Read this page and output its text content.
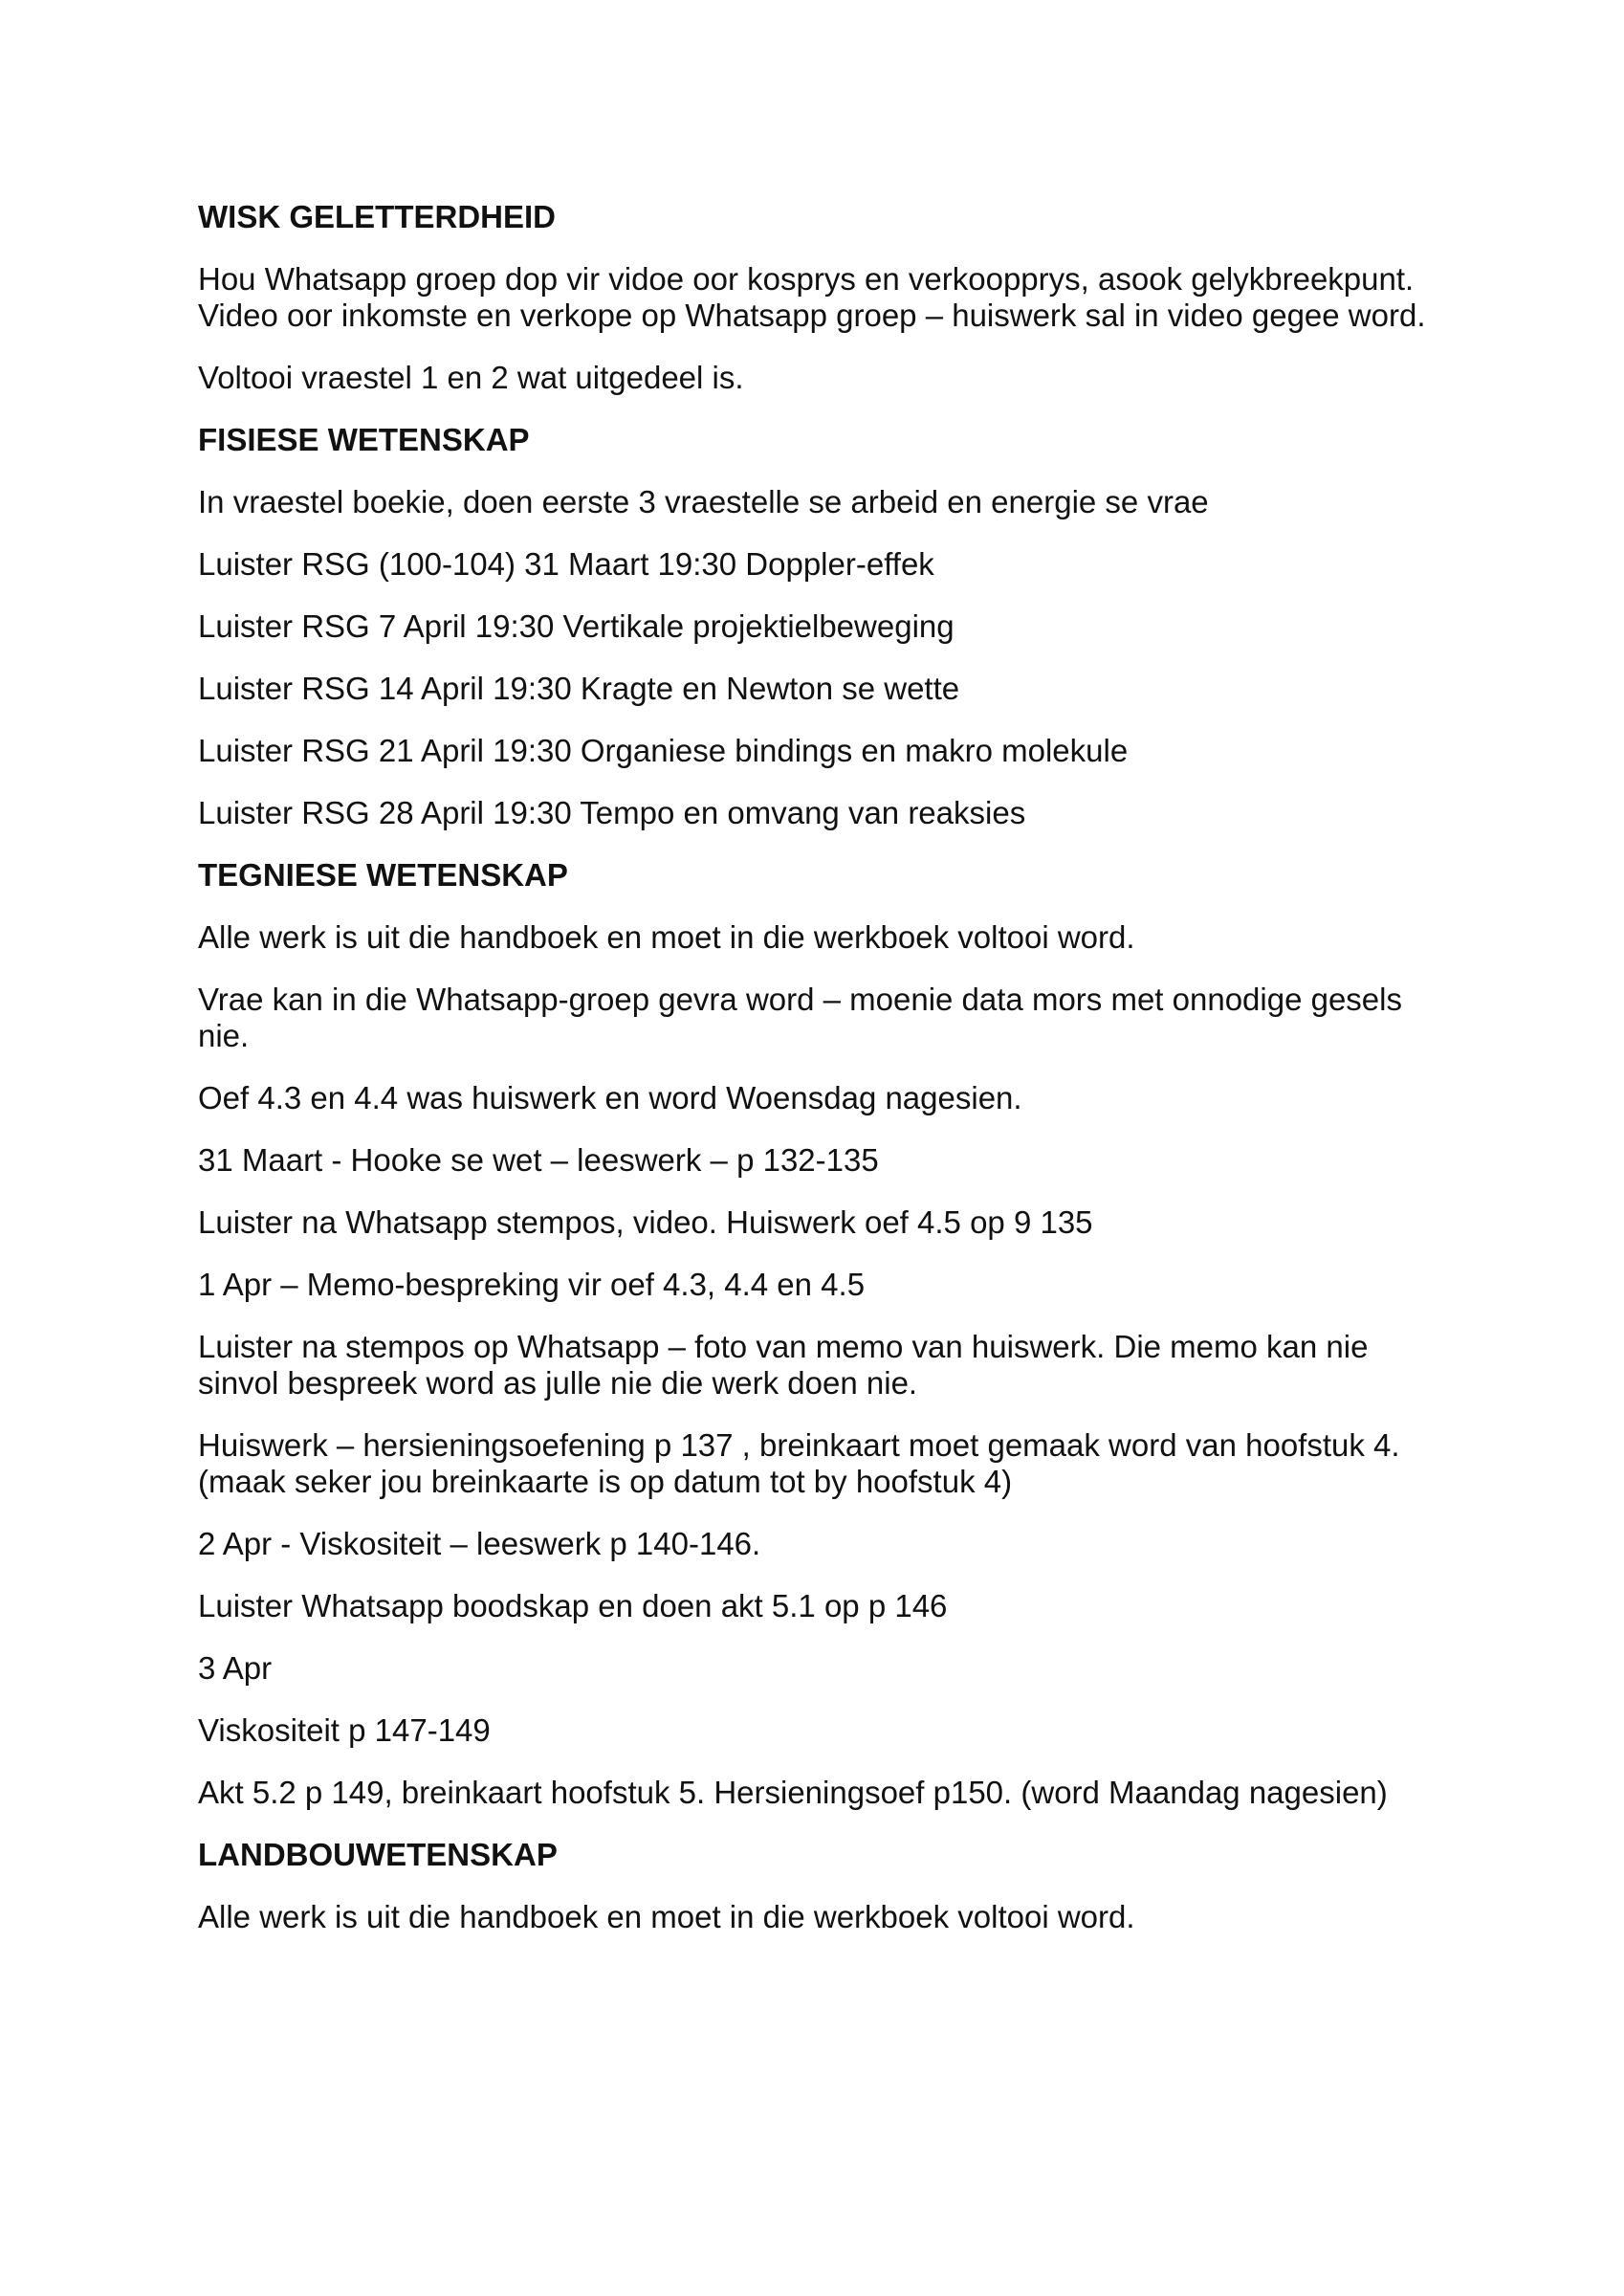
WISK GELETTERDHEID
Hou Whatsapp groep dop vir vidoe oor kosprys en verkoopprys, asook gelykbreekpunt. Video oor inkomste en verkope op Whatsapp groep – huiswerk sal in video gegee word.
Voltooi vraestel 1 en 2 wat uitgedeel is.
FISIESE WETENSKAP
In vraestel boekie, doen eerste 3 vraestelle se arbeid en energie se vrae
Luister RSG (100-104) 31 Maart 19:30 Doppler-effek
Luister RSG 7 April 19:30 Vertikale projektielbeweging
Luister RSG 14 April 19:30 Kragte en Newton se wette
Luister RSG 21 April 19:30 Organiese bindings en makro molekule
Luister RSG 28 April 19:30 Tempo en omvang van reaksies
TEGNIESE WETENSKAP
Alle werk is uit die handboek en moet in die werkboek voltooi word.
Vrae kan in die Whatsapp-groep gevra word – moenie data mors met onnodige gesels nie.
Oef 4.3 en 4.4 was huiswerk en word Woensdag nagesien.
31 Maart - Hooke se wet – leeswerk – p 132-135
Luister na Whatsapp stempos, video. Huiswerk oef 4.5 op 9 135
1 Apr – Memo-bespreking vir oef 4.3, 4.4 en 4.5
Luister na stempos op Whatsapp – foto van memo van huiswerk. Die memo kan nie sinvol bespreek word as julle nie die werk doen nie.
Huiswerk – hersieningsoefening p 137 , breinkaart moet gemaak word van hoofstuk 4. (maak seker jou breinkaarte is op datum tot by hoofstuk 4)
2 Apr - Viskositeit – leeswerk p 140-146.
Luister Whatsapp boodskap en doen akt 5.1 op p 146
3 Apr
Viskositeit p 147-149
Akt 5.2 p 149, breinkaart hoofstuk 5. Hersieningsoef p150. (word Maandag nagesien)
LANDBOUWETENSKAP
Alle werk is uit die handboek en moet in die werkboek voltooi word.
